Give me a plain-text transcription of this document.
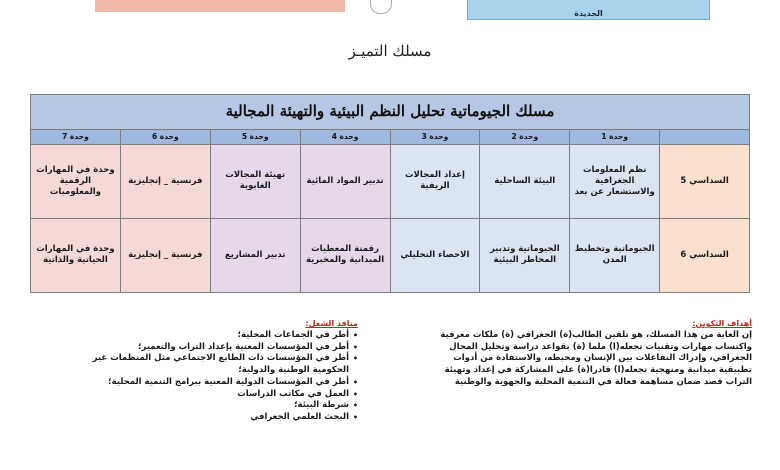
الجديدة
مسلك التميـز
مسلك الجيوماتية تحليل النظم البيئية والتهيئة المجالية							
	وحدة 1	وحدة 2	وحدة 3	وحدة 4	وحدة 5	وحدة 6	وحدة 7
السداسي 5	نظم المعلومات الجغرافية والاستشعار عن بعد	البيئة الساحلية	إعداد المجالات الريفية	تدبير المواد المائية	تهيئة المجالات الغابوية	فرنسية _ إنجليزية	وحدة في المهارات الرقمية والمعلوميات
السداسي 6	الجيوماتية وتخطيط المدن	الجيوماتية وتدبير المخاطر البيئية	الاحصاء التحليلي	رقمنة المعطيات الميدانية والمخبرية	تدبير المشاريع	فرنسية _ إنجليزية	وحدة في المهارات الحياتية والذاتية
أهداف التكوين:

إن الغاية من هذا المسلك، هو تلقين الطالب(ة) الجغرافي (ة) ملكات معرفية واكتساب مهارات وتقنيات تجعله(ا) ملما (ة) بقواعد دراسة وتحليل المجال الجغرافي، وإدراك التفاعلات بين الإنسان ومحيطه، والاستفادة من أدوات تطبيقية ميدانية ومنهجية تجعله(ا) قادرا(ة) على المشاركة في إعداد وتهيئة التراب قصد ضمان مساهمة فعالة في التنمية المحلية والجهوية والوطنية

منافذ الشغل:
• أطر في الجماعات المحلية؛
• أطر في المؤسسات المعنية بإعداد التراب والتعمير؛
• أطر في المؤسسات ذات الطابع الاجتماعي مثل المنظمات غير الحكومية الوطنية والدولية؛
• أطر في المؤسسات الدولية المعنية ببرامج التنمية المحلية؛
• العمل في مكاتب الدراسات
• شرطة البيئة؛
• البحث العلمي الجغرافي
